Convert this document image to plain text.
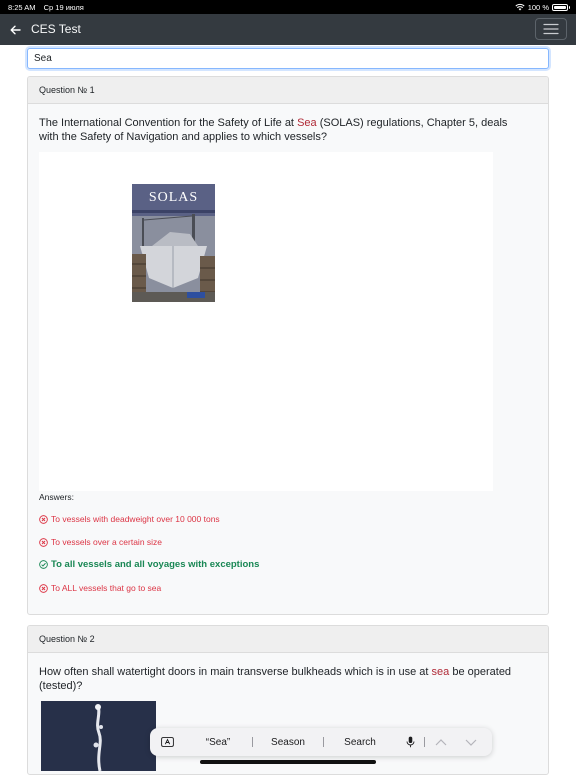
8:25 AM Ср 19 июля	100 %
CES Test
Sea
Question № 1
The International Convention for the Safety of Life at Sea (SOLAS) regulations, Chapter 5, deals with the Safety of Navigation and applies to which vessels?
SOLAS
Answers:
To vessels with deadweight over 10 000 tons
To vessels over a certain size
To all vessels and all voyages with exceptions
To ALL vessels that go to sea
Question № 2
How often shall watertight doors in main transverse bulkheads which is in use at sea be operated (tested)?
“Sea”	Season	Search
